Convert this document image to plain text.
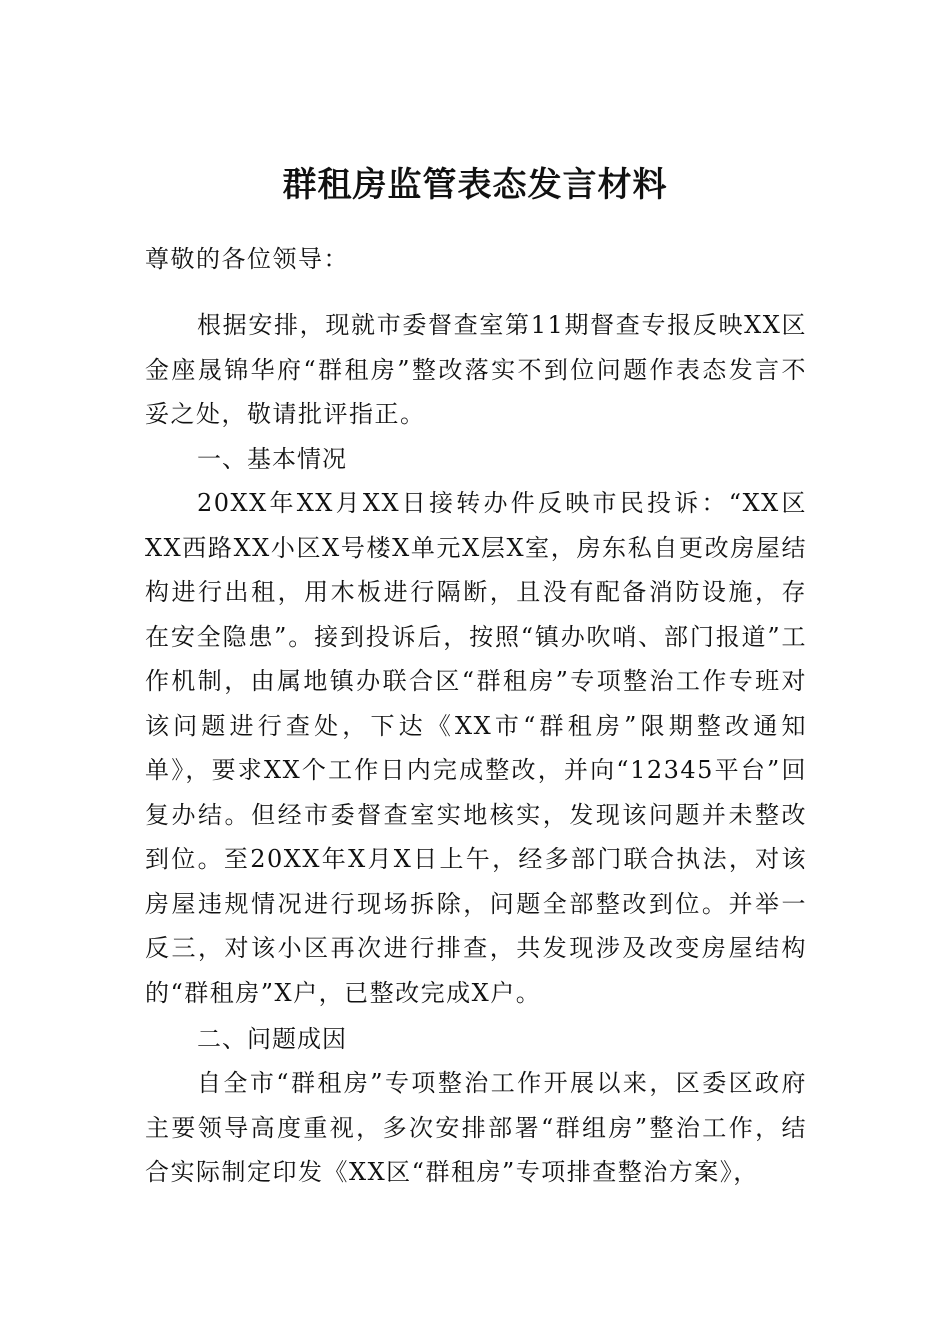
群租房监管表态发言材料
尊敬的各位领导：
根据安排，现就市委督查室第11期督查专报反映XX区金座晟锦华府“群租房”整改落实不到位问题作表态发言不妥之处，敬请批评指正。
一、基本情况
20XX年XX月XX日接转办件反映市民投诉：“XX区XX西路XX小区X号楼X单元X层X室，房东私自更改房屋结构进行出租，用木板进行隔断，且没有配备消防设施，存在安全隐患”。接到投诉后，按照“镇办吹哨、部门报道”工作机制，由属地镇办联合区“群租房”专项整治工作专班对该问题进行查处，下达《XX市“群租房”限期整改通知单》，要求XX个工作日内完成整改，并向“12345平台”回复办结。但经市委督查室实地核实，发现该问题并未整改到位。至20XX年X月X日上午，经多部门联合执法，对该房屋违规情况进行现场拆除，问题全部整改到位。并举一反三，对该小区再次进行排查，共发现涉及改变房屋结构的“群租房”X户，已整改完成X户。
二、问题成因
自全市“群租房”专项整治工作开展以来，区委区政府主要领导高度重视，多次安排部署“群组房”整治工作，结合实际制定印发《XX区“群租房”专项排查整治方案》，
